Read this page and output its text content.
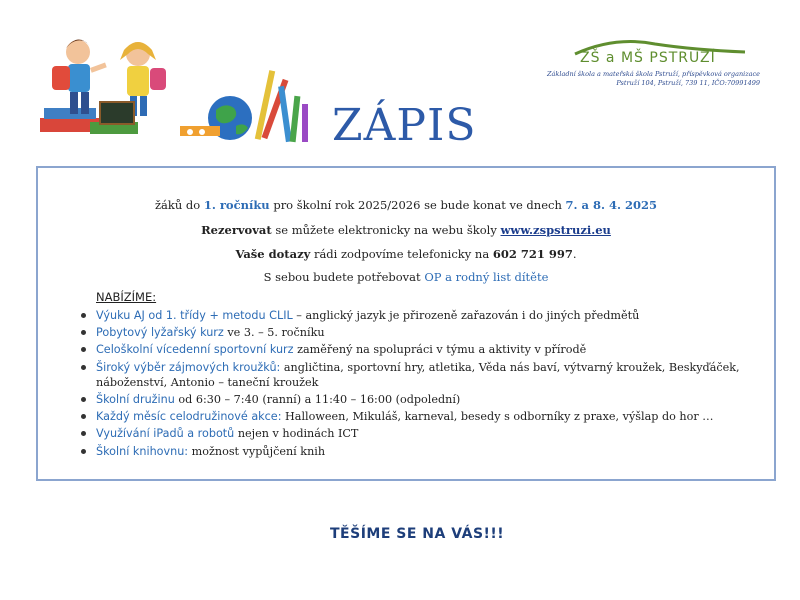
ZŠ a MŠ PSTRUŽÍ
Základní škola a mateřská škola Pstruží, příspěvková organizace
Pstruží 104, Pstruží, 739 11, IČO:70991499
ZÁPIS
žáků do 1. ročníku pro školní rok 2025/2026 se bude konat ve dnech 7. a 8. 4. 2025
Rezervovat se můžete elektronicky na webu školy www.zspstruzi.eu
Vaše dotazy rádi zodpovíme telefonicky na 602 721 997.
S sebou budete potřebovat OP a rodný list dítěte
NABÍZÍME:
Výuku AJ od 1. třídy + metodu CLIL – anglický jazyk je přirozeně zařazován i do jiných předmětů
Pobytový lyžařský kurz ve 3. – 5. ročníku
Celoškolní vícedenní sportovní kurz zaměřený na spolupráci v týmu a aktivity v přírodě
Široký výběr zájmových kroužků: angličtina, sportovní hry, atletika, Věda nás baví, výtvarný kroužek, Beskyďáček, náboženství, Antonio – taneční kroužek
Školní družinu od 6:30 – 7:40 (ranní) a 11:40 – 16:00 (odpolední)
Každý měsíc celodružinové akce: Halloween, Mikuláš, karneval, besedy s odborníky z praxe, výšlap do hor …
Využívání iPadů a robotů nejen v hodinách ICT
Školní knihovnu: možnost vypůjčení knih
TĚŠÍME SE NA VÁS!!!
